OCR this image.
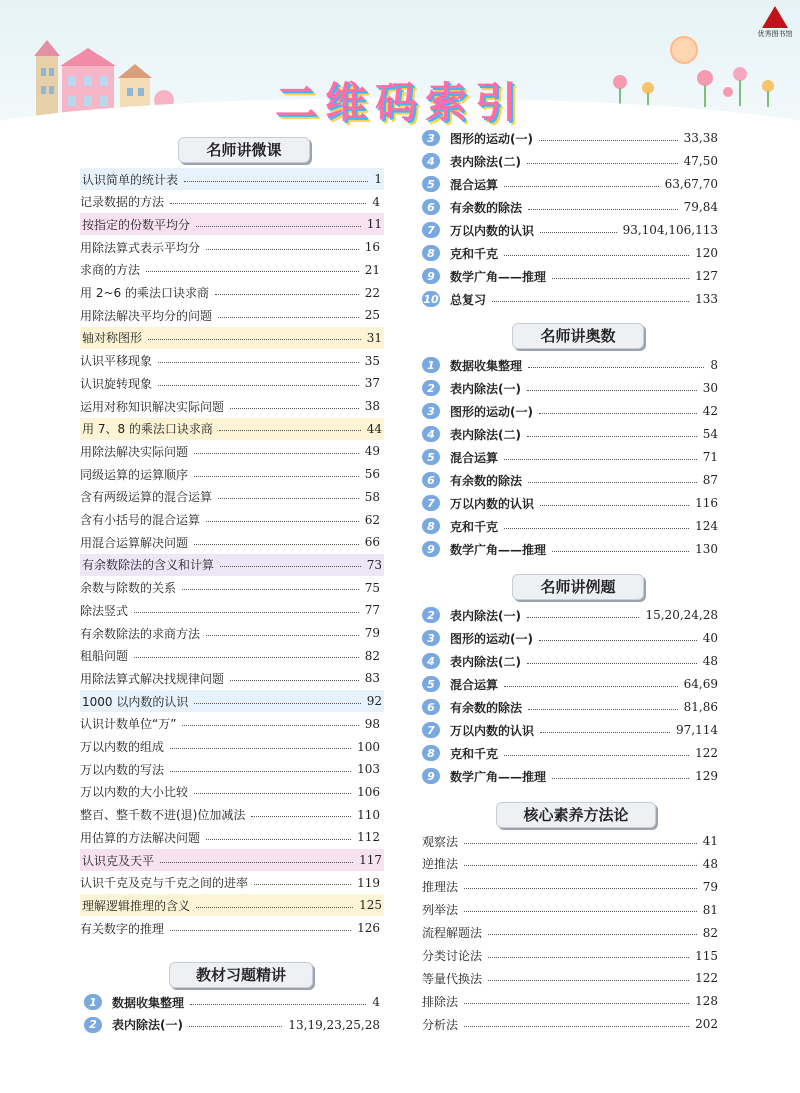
优秀图书馆
二维码索引
名师讲微课
认识简单的统计表	1
记录数据的方法	4
按指定的份数平均分	11
用除法算式表示平均分	16
求商的方法	21
用 2~6 的乘法口诀求商	22
用除法解决平均分的问题	25
轴对称图形	31
认识平移现象	35
认识旋转现象	37
运用对称知识解决实际问题	38
用 7、8 的乘法口诀求商	44
用除法解决实际问题	49
同级运算的运算顺序	56
含有两级运算的混合运算	58
含有小括号的混合运算	62
用混合运算解决问题	66
有余数除法的含义和计算	73
余数与除数的关系	75
除法竖式	77
有余数除法的求商方法	79
租船问题	82
用除法算式解决找规律问题	83
1000 以内数的认识	92
认识计数单位“万”	98
万以内数的组成	100
万以内数的写法	103
万以内数的大小比较	106
整百、整千数不进(退)位加减法	110
用估算的方法解决问题	112
认识克及天平	117
认识千克及克与千克之间的进率	119
理解逻辑推理的含义	125
有关数字的推理	126
教材习题精讲
1	数据收集整理	4
2	表内除法(一)	13,19,23,25,28
3	图形的运动(一)	33,38
4	表内除法(二)	47,50
5	混合运算	63,67,70
6	有余数的除法	79,84
7	万以内数的认识	93,104,106,113
8	克和千克	120
9	数学广角——推理	127
10 总复习	133
名师讲奥数
1	数据收集整理	8
2	表内除法(一)	30
3	图形的运动(一)	42
4	表内除法(二)	54
5	混合运算	71
6	有余数的除法	87
7	万以内数的认识	116
8	克和千克	124
9	数学广角——推理	130
名师讲例题
2	表内除法(一)	15,20,24,28
3	图形的运动(一)	40
4	表内除法(二)	48
5	混合运算	64,69
6	有余数的除法	81,86
7	万以内数的认识	97,114
8	克和千克	122
9	数学广角——推理	129
核心素养方法论
观察法	41
逆推法	48
推理法	79
列举法	81
流程解题法	82
分类讨论法	115
等量代换法	122
排除法	128
分析法	202
